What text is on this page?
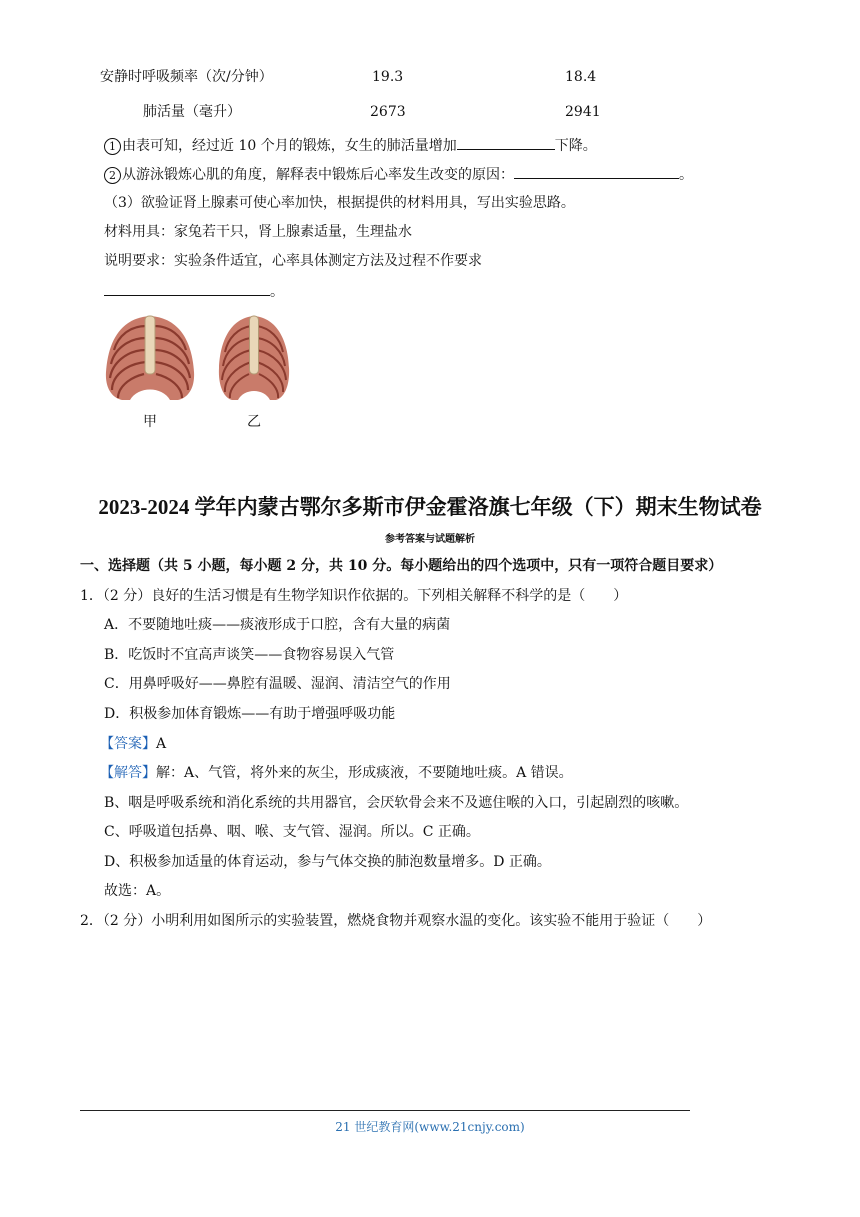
安静时呼吸频率（次/分钟）	19.3	18.4
肺活量（毫升）	2673	2941
1 由表可知，经过近 10 个月的锻炼，女生的肺活量增加	下降。
2 从游泳锻炼心肌的角度，解释表中锻炼后心率发生改变的原因：	。
（3）欲验证肾上腺素可使心率加快，根据提供的材料用具，写出实验思路。
材料用具：家兔若干只，肾上腺素适量，生理盐水
说明要求：实验条件适宜，心率具体测定方法及过程不作要求
。
甲	乙
2023-2024 学年内蒙古鄂尔多斯市伊金霍洛旗七年级（下）期末生物试卷
参考答案与试题解析
一、选择题（共 5 小题，每小题 2 分，共 10 分。每小题给出的四个选项中，只有一项符合题目要求）
1．（2 分）良好的生活习惯是有生物学知识作依据的。下列相关解释不科学的是（　　）
A．不要随地吐痰——痰液形成于口腔，含有大量的病菌
B．吃饭时不宜高声谈笑——食物容易误入气管
C．用鼻呼吸好——鼻腔有温暖、湿润、清洁空气的作用
D．积极参加体育锻炼——有助于增强呼吸功能
【答案】A
【解答】解：A、气管，将外来的灰尘，形成痰液，不要随地吐痰。A 错误。
B、咽是呼吸系统和消化系统的共用器官，会厌软骨会来不及遮住喉的入口，引起剧烈的咳嗽。
C、呼吸道包括鼻、咽、喉、支气管、湿润。所以。C 正确。
D、积极参加适量的体育运动，参与气体交换的肺泡数量增多。D 正确。
故选：A。
2．（2 分）小明利用如图所示的实验装置，燃烧食物并观察水温的变化。该实验不能用于验证（　　）
21 世纪教育网(www.21cnjy.com)
